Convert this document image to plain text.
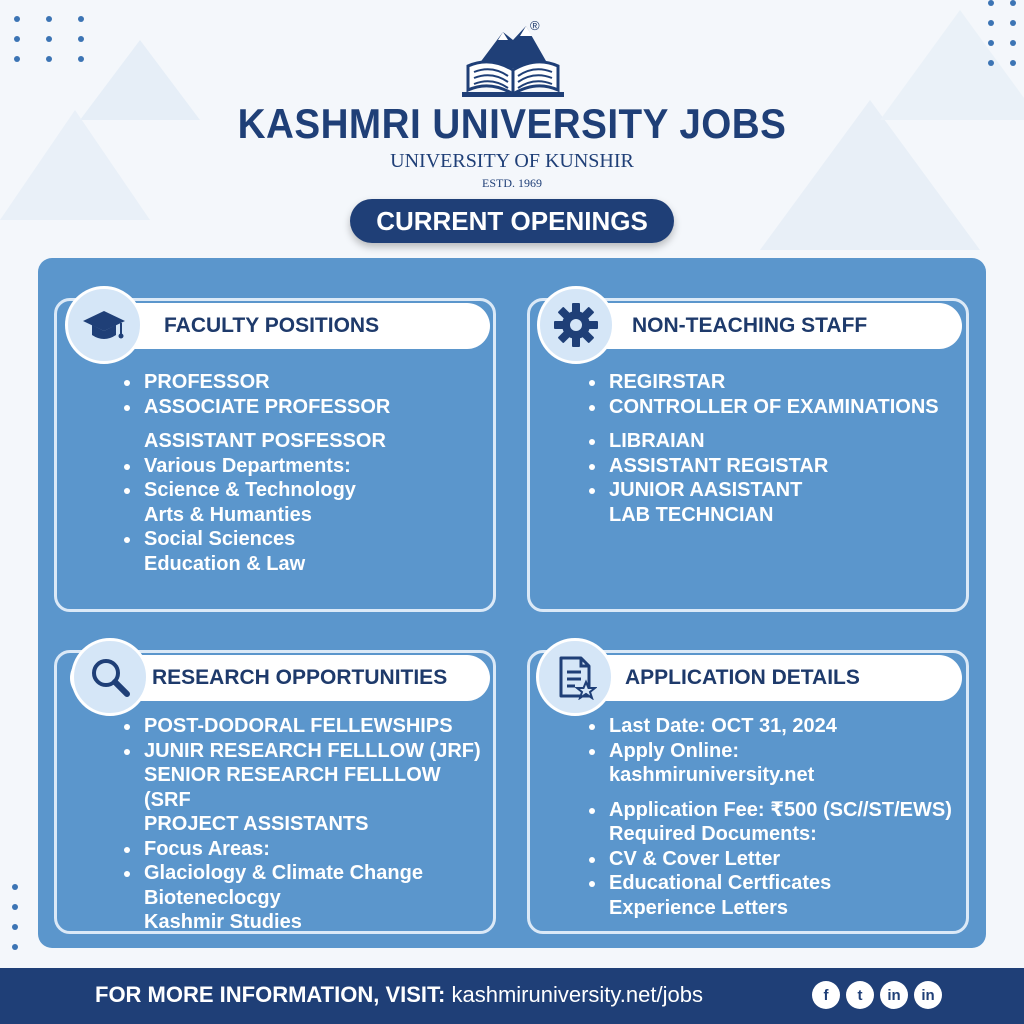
®
KASHMRI UNIVERSITY JOBS
UNIVERSITY OF KUNSHIR
ESTD. 1969
CURRENT OPENINGS
FACULTY POSITIONS
PROFESSOR
ASSOCIATE PROFESSOR
ASSISTANT POSFESSOR
Various Departments:
Science & Technology
Arts & Humanties
Social Sciences
Education & Law
NON-TEACHING STAFF
REGIRSTAR
CONTROLLER OF EXAMINATIONS
LIBRAIAN
ASSISTANT REGISTAR
JUNIOR AASISTANT
LAB TECHNCIAN
RESEARCH OPPORTUNITIES
POST-DODORAL FELLEWSHIPS
JUNIR RESEARCH FELLLOW (JRF)
SENIOR RESEARCH FELLLOW (SRF
PROJECT ASSISTANTS
Focus Areas:
Glaciology & Climate Change
Bioteneclocgy
Kashmir Studies
APPLICATION DETAILS
Last Date: OCT 31, 2024
Apply Online:
kashmiruniversity.net
Application Fee: ₹500 (SC//ST/EWS)
Required Documents:
CV & Cover Letter
Educational Certficates
Experience Letters
FOR MORE INFORMATION, VISIT: kashmiruniversity.net/jobs	f	t	in	in
